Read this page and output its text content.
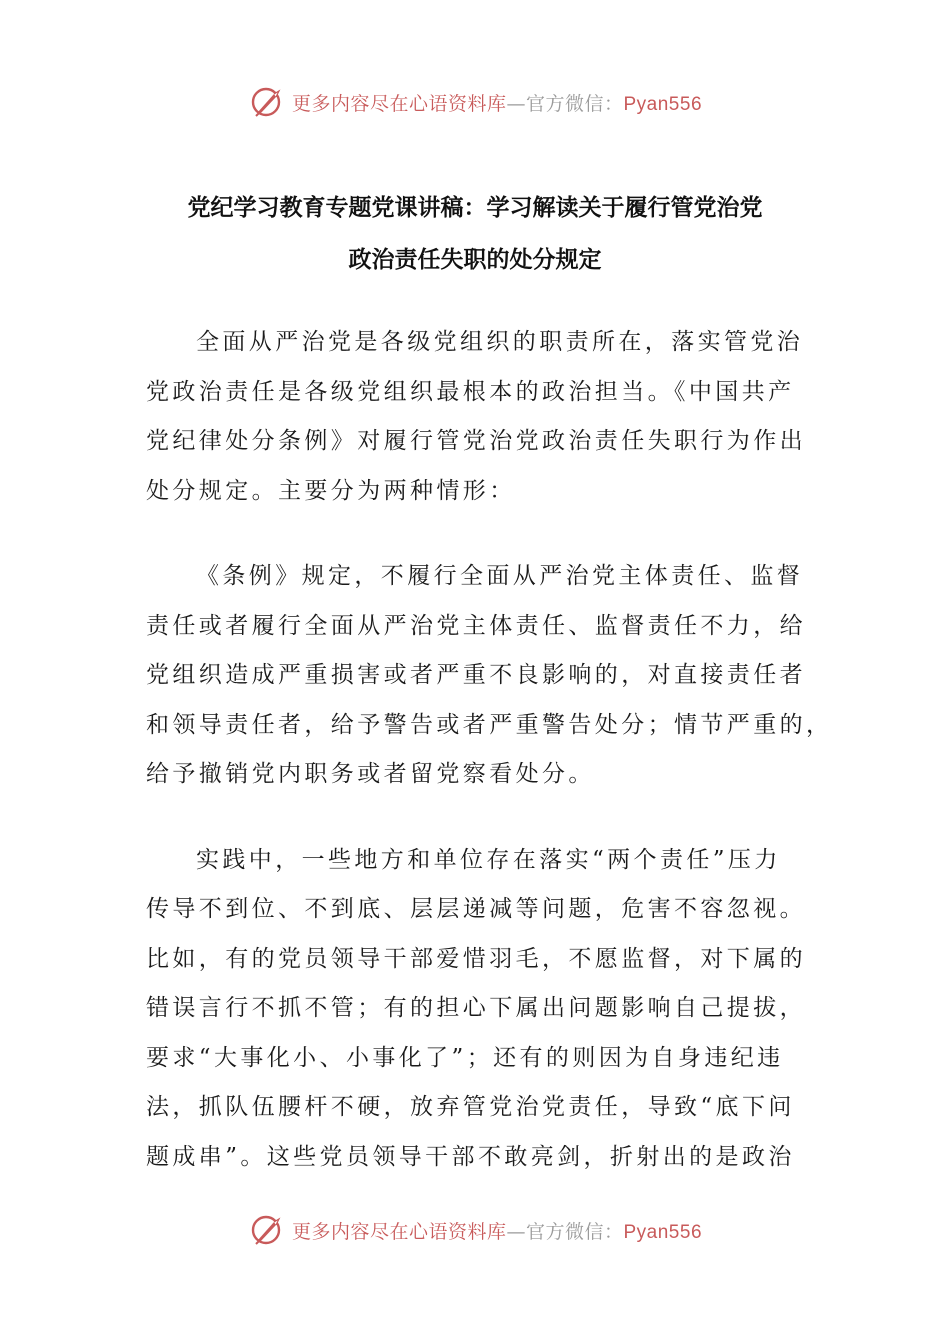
更多内容尽在心语资料库—官方微信：Pyan556
党纪学习教育专题党课讲稿：学习解读关于履行管党治党
政治责任失职的处分规定

全面从严治党是各级党组织的职责所在，落实管党治
党政治责任是各级党组织最根本的政治担当。《中国共产
党纪律处分条例》对履行管党治党政治责任失职行为作出
处分规定。主要分为两种情形：

《条例》规定，不履行全面从严治党主体责任、监督
责任或者履行全面从严治党主体责任、监督责任不力，给
党组织造成严重损害或者严重不良影响的，对直接责任者
和领导责任者，给予警告或者严重警告处分；情节严重的，
给予撤销党内职务或者留党察看处分。

实践中，一些地方和单位存在落实“两个责任”压力
传导不到位、不到底、层层递减等问题，危害不容忽视。
比如，有的党员领导干部爱惜羽毛，不愿监督，对下属的
错误言行不抓不管；有的担心下属出问题影响自己提拔，
要求“大事化小、小事化了”；还有的则因为自身违纪违
法，抓队伍腰杆不硬，放弃管党治党责任，导致“底下问
题成串”。这些党员领导干部不敢亮剑，折射出的是政治

更多内容尽在心语资料库—官方微信：Pyan556
